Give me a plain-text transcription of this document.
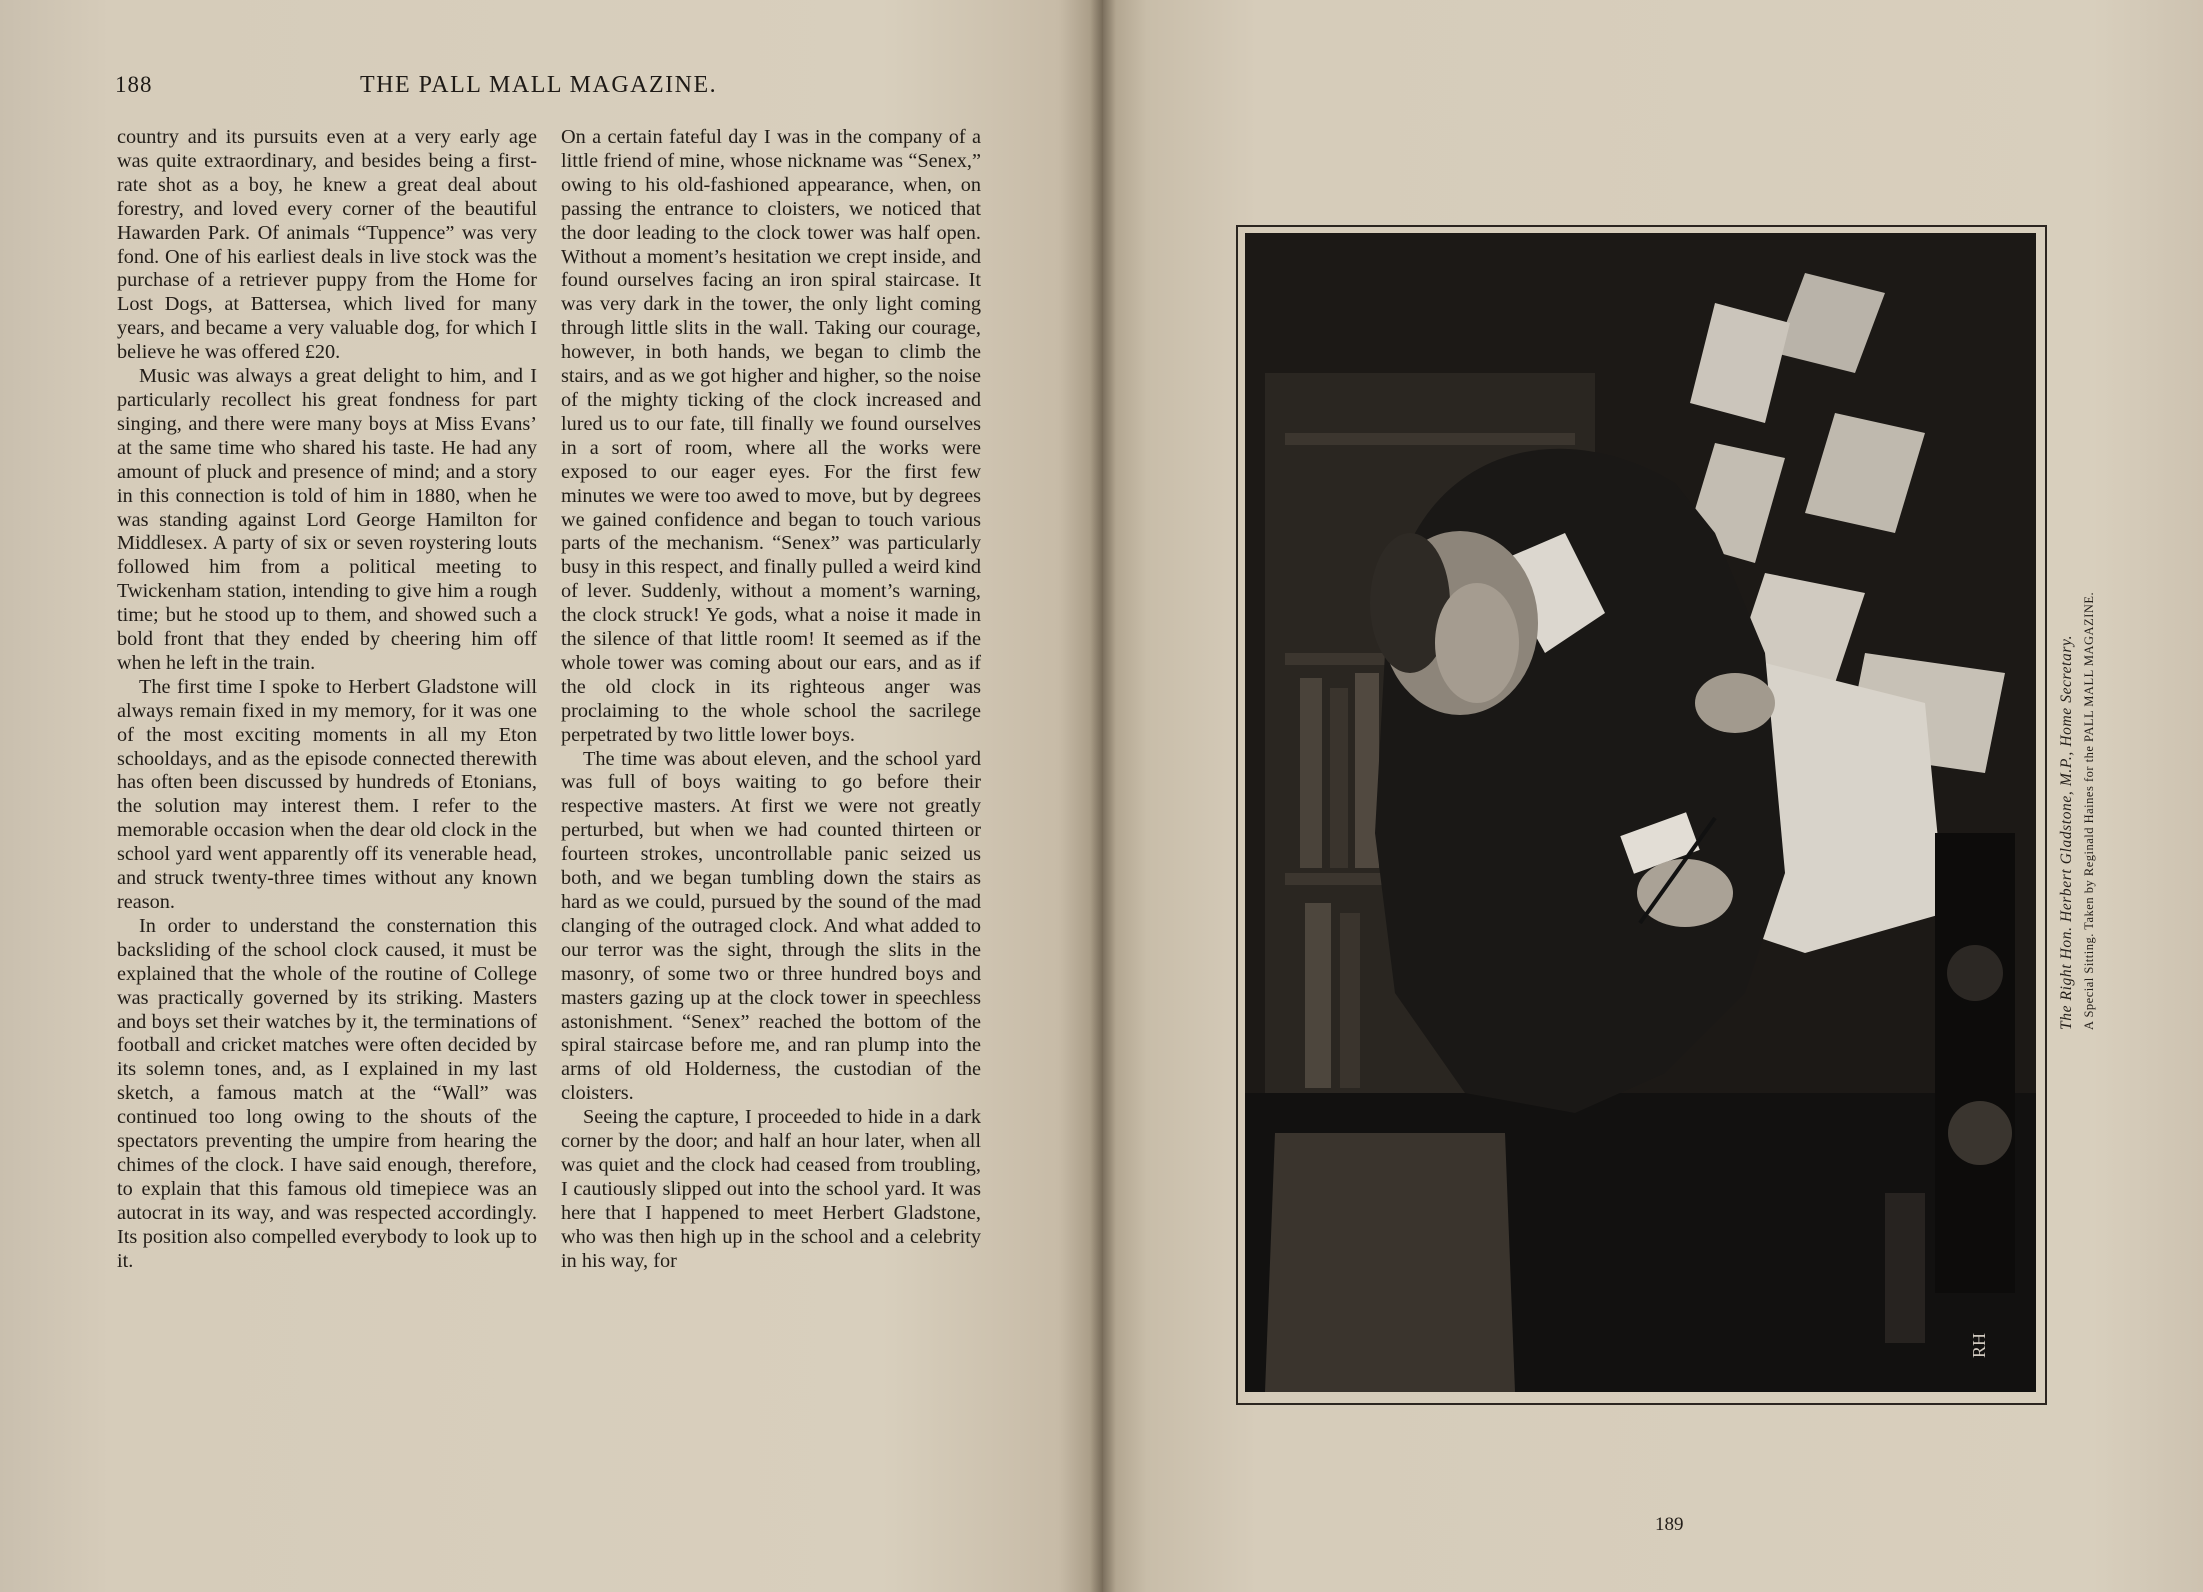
188	THE PALL MALL MAGAZINE.

country and its pursuits even at a very early age was quite extraordinary, and besides being a first-rate shot as a boy, he knew a great deal about forestry, and loved every corner of the beautiful Hawarden Park. Of animals “Tuppence” was very fond. One of his earliest deals in live stock was the purchase of a retriever puppy from the Home for Lost Dogs, at Battersea, which lived for many years, and became a very valuable dog, for which I believe he was offered £20.

Music was always a great delight to him, and I particularly recollect his great fondness for part singing, and there were many boys at Miss Evans’ at the same time who shared his taste. He had any amount of pluck and presence of mind; and a story in this connection is told of him in 1880, when he was standing against Lord George Hamilton for Middlesex. A party of six or seven roystering louts followed him from a political meeting to Twickenham station, intending to give him a rough time; but he stood up to them, and showed such a bold front that they ended by cheering him off when he left in the train.

The first time I spoke to Herbert Gladstone will always remain fixed in my memory, for it was one of the most exciting moments in all my Eton schooldays, and as the episode connected therewith has often been discussed by hundreds of Etonians, the solution may interest them. I refer to the memorable occasion when the dear old clock in the school yard went apparently off its venerable head, and struck twenty-three times without any known reason.

In order to understand the consternation this backsliding of the school clock caused, it must be explained that the whole of the routine of College was practically governed by its striking. Masters and boys set their watches by it, the terminations of football and cricket matches were often decided by its solemn tones, and, as I explained in my last sketch, a famous match at the “Wall” was continued too long owing to the shouts of the spectators preventing the umpire from hearing the chimes of the clock. I have said enough, therefore, to explain that this famous old timepiece was an autocrat in its way, and was respected accordingly. Its position also compelled everybody to look up to it.

On a certain fateful day I was in the company of a little friend of mine, whose nickname was “Senex,” owing to his old-fashioned appearance, when, on passing the entrance to cloisters, we noticed that the door leading to the clock tower was half open. Without a moment’s hesitation we crept inside, and found ourselves facing an iron spiral staircase. It was very dark in the tower, the only light coming through little slits in the wall. Taking our courage, however, in both hands, we began to climb the stairs, and as we got higher and higher, so the noise of the mighty ticking of the clock increased and lured us to our fate, till finally we found ourselves in a sort of room, where all the works were exposed to our eager eyes. For the first few minutes we were too awed to move, but by degrees we gained confidence and began to touch various parts of the mechanism. “Senex” was particularly busy in this respect, and finally pulled a weird kind of lever. Suddenly, without a moment’s warning, the clock struck! Ye gods, what a noise it made in the silence of that little room! It seemed as if the whole tower was coming about our ears, and as if the old clock in its righteous anger was proclaiming to the whole school the sacrilege perpetrated by two little lower boys.

The time was about eleven, and the school yard was full of boys waiting to go before their respective masters. At first we were not greatly perturbed, but when we had counted thirteen or fourteen strokes, uncontrollable panic seized us both, and we began tumbling down the stairs as hard as we could, pursued by the sound of the mad clanging of the outraged clock. And what added to our terror was the sight, through the slits in the masonry, of some two or three hundred boys and masters gazing up at the clock tower in speechless astonishment. “Senex” reached the bottom of the spiral staircase before me, and ran plump into the arms of old Holderness, the custodian of the cloisters.

Seeing the capture, I proceeded to hide in a dark corner by the door; and half an hour later, when all was quiet and the clock had ceased from troubling, I cautiously slipped out into the school yard. It was here that I happened to meet Herbert Gladstone, who was then high up in the school and a celebrity in his way, for

RH
The Right Hon. Herbert Gladstone, M.P., Home Secretary. A Special Sitting. Taken by Reginald Haines for the PALL MALL MAGAZINE.
189
